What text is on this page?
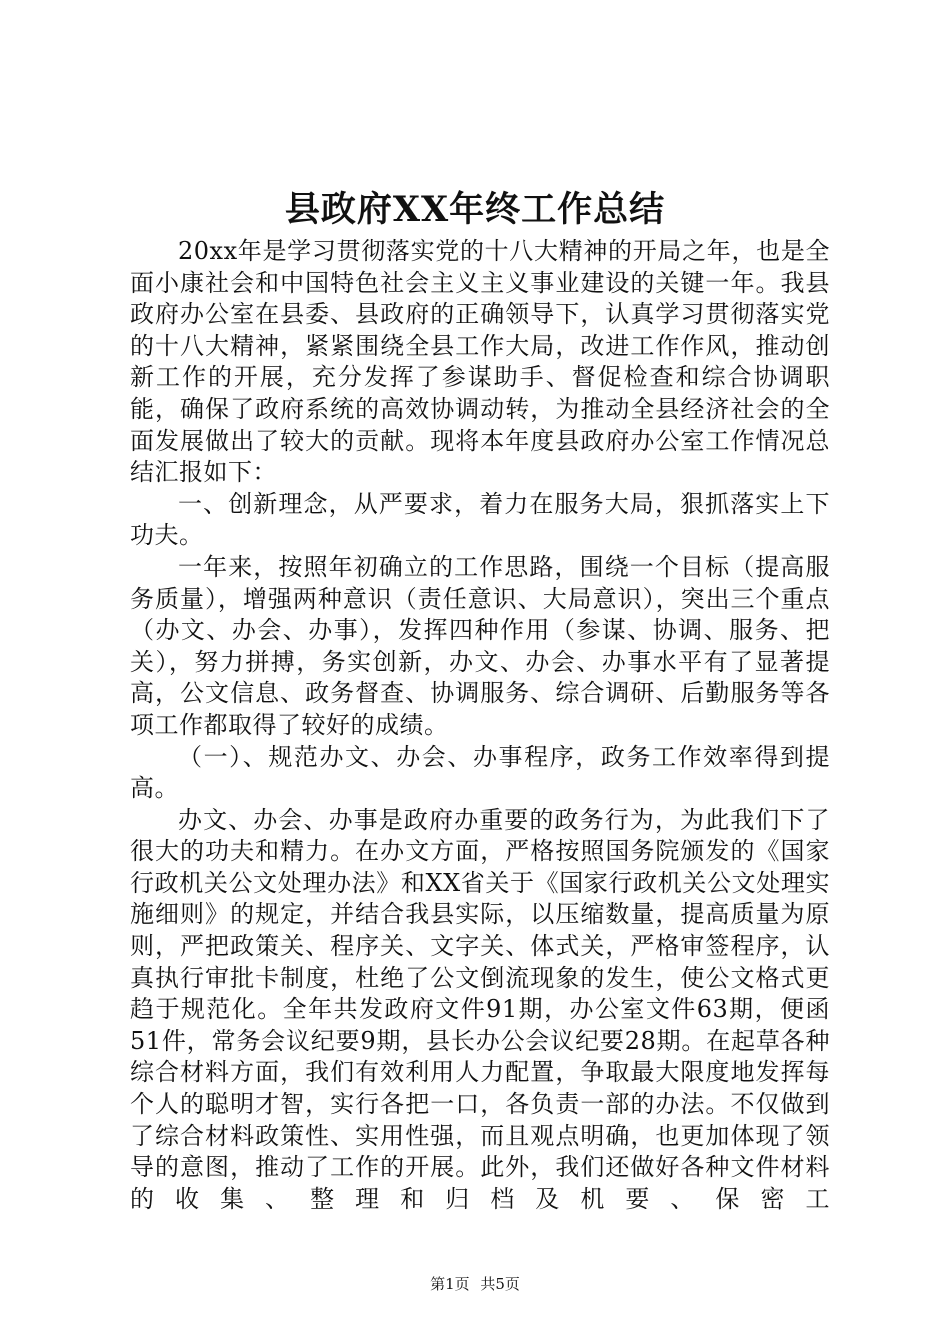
县政府XX年终工作总结

20xx年是学习贯彻落实党的十八大精神的开局之年，也是全面小康社会和中国特色社会主义主义事业建设的关键一年。我县政府办公室在县委、县政府的正确领导下，认真学习贯彻落实党的十八大精神，紧紧围绕全县工作大局，改进工作作风，推动创新工作的开展，充分发挥了参谋助手、督促检查和综合协调职能，确保了政府系统的高效协调动转，为推动全县经济社会的全面发展做出了较大的贡献。现将本年度县政府办公室工作情况总结汇报如下：

一、创新理念，从严要求，着力在服务大局，狠抓落实上下功夫。

一年来，按照年初确立的工作思路，围绕一个目标（提高服务质量），增强两种意识（责任意识、大局意识），突出三个重点（办文、办会、办事），发挥四种作用（参谋、协调、服务、把关），努力拼搏，务实创新，办文、办会、办事水平有了显著提高，公文信息、政务督查、协调服务、综合调研、后勤服务等各项工作都取得了较好的成绩。

（一）、规范办文、办会、办事程序，政务工作效率得到提高。

办文、办会、办事是政府办重要的政务行为，为此我们下了很大的功夫和精力。在办文方面，严格按照国务院颁发的《国家行政机关公文处理办法》和XX省关于《国家行政机关公文处理实施细则》的规定，并结合我县实际，以压缩数量，提高质量为原则，严把政策关、程序关、文字关、体式关，严格审签程序，认真执行审批卡制度，杜绝了公文倒流现象的发生，使公文格式更趋于规范化。全年共发政府文件91期，办公室文件63期，便函51件，常务会议纪要9期，县长办公会议纪要28期。在起草各种综合材料方面，我们有效利用人力配置，争取最大限度地发挥每个人的聪明才智，实行各把一口，各负责一部的办法。不仅做到了综合材料政策性、实用性强，而且观点明确，也更加体现了领导的意图，推动了工作的开展。此外，我们还做好各种文件材料的收集、整理和归档及机要、保密工

第1页 共5页
